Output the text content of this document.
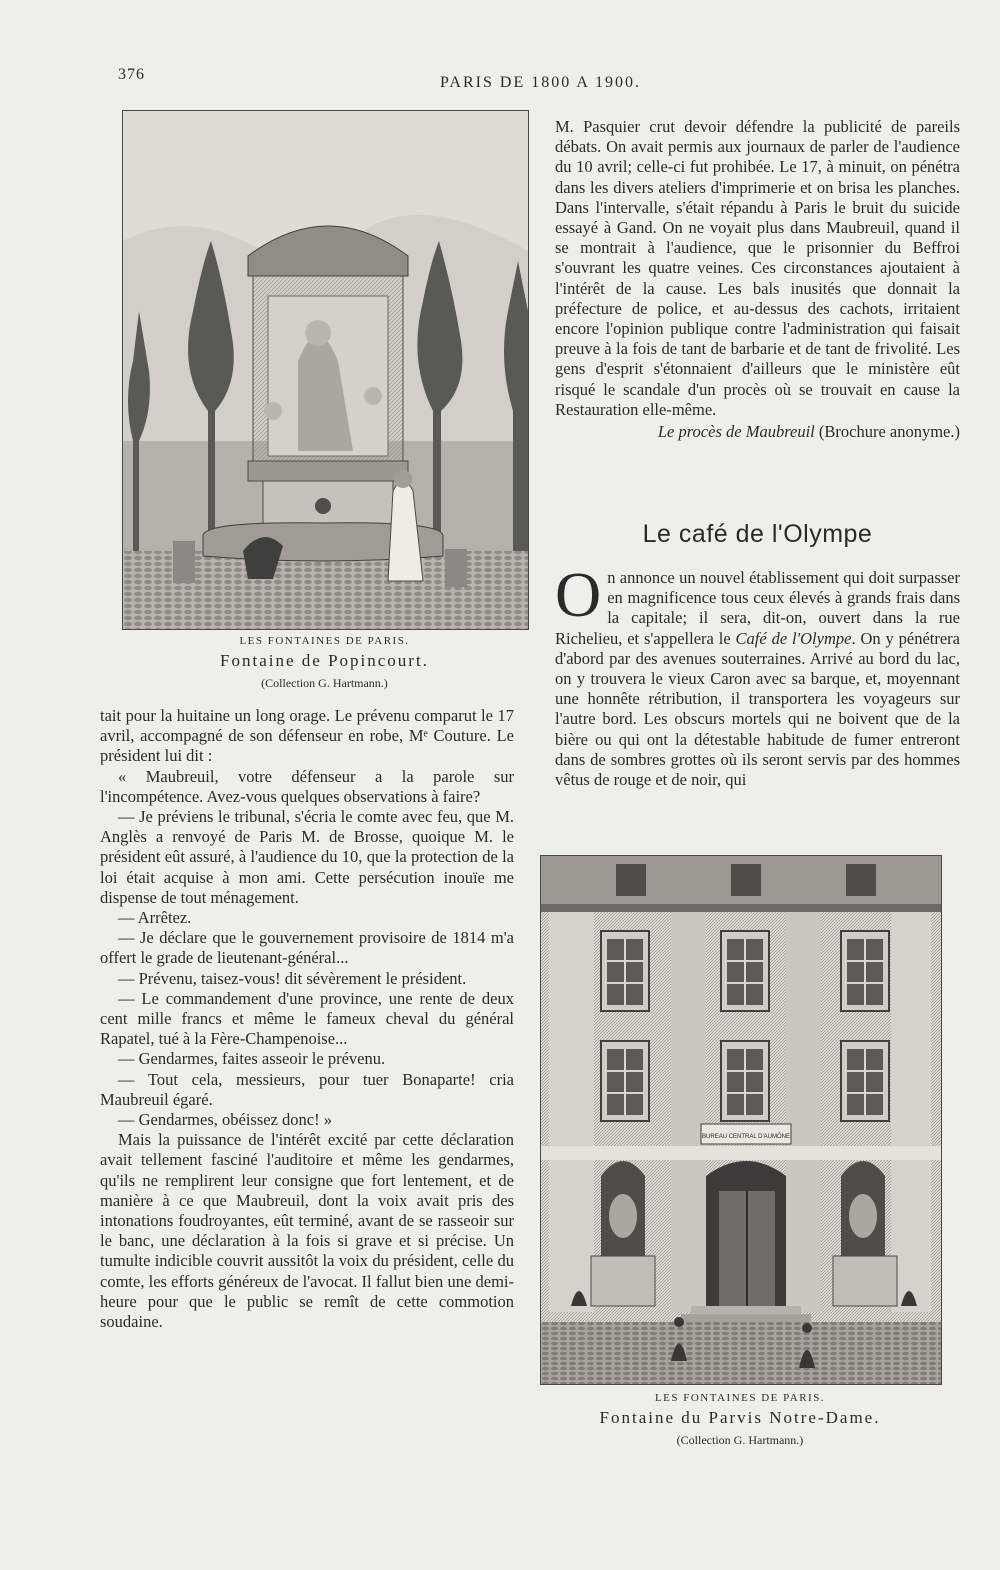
376	PARIS DE 1800 A 1900.
LES FONTAINES DE PARIS.
Fontaine de Popincourt.
(Collection G. Hartmann.)

tait pour la huitaine un long orage. Le prévenu comparut le 17 avril, accompagné de son défenseur en robe, Mᵉ Couture. Le président lui dit :

« Maubreuil, votre défenseur a la parole sur l'incompétence. Avez-vous quelques observations à faire?

— Je préviens le tribunal, s'écria le comte avec feu, que M. Anglès a renvoyé de Paris M. de Brosse, quoique M. le président eût assuré, à l'audience du 10, que la protection de la loi était acquise à mon ami. Cette persécution inouïe me dispense de tout ménagement.

— Arrêtez.

— Je déclare que le gouvernement provisoire de 1814 m'a offert le grade de lieutenant-général...

— Prévenu, taisez-vous! dit sévèrement le président.

— Le commandement d'une province, une rente de deux cent mille francs et même le fameux cheval du général Rapatel, tué à la Fère-Champenoise...

— Gendarmes, faites asseoir le prévenu.

— Tout cela, messieurs, pour tuer Bonaparte! cria Maubreuil égaré.

— Gendarmes, obéissez donc! »

Mais la puissance de l'intérêt excité par cette déclaration avait tellement fasciné l'auditoire et même les gendarmes, qu'ils ne remplirent leur consigne que fort lentement, et de manière à ce que Maubreuil, dont la voix avait pris des intonations foudroyantes, eût terminé, avant de se rasseoir sur le banc, une déclaration à la fois si grave et si précise. Un tumulte indicible couvrit aussitôt la voix du président, celle du comte, les efforts généreux de l'avocat. Il fallut bien une demi-heure pour que le public se remît de cette commotion soudaine.

M. Pasquier crut devoir défendre la publicité de pareils débats. On avait permis aux journaux de parler de l'audience du 10 avril; celle-ci fut prohibée. Le 17, à minuit, on pénétra dans les divers ateliers d'imprimerie et on brisa les planches. Dans l'intervalle, s'était répandu à Paris le bruit du suicide essayé à Gand. On ne voyait plus dans Maubreuil, quand il se montrait à l'audience, que le prisonnier du Beffroi s'ouvrant les quatre veines. Ces circonstances ajoutaient à l'intérêt de la cause. Les bals inusités que donnait la préfecture de police, et au-dessus des cachots, irritaient encore l'opinion publique contre l'administration qui faisait preuve à la fois de tant de barbarie et de tant de frivolité. Les gens d'esprit s'étonnaient d'ailleurs que le ministère eût risqué le scandale d'un procès où se trouvait en cause la Restauration elle-même.

Le procès de Maubreuil (Brochure anonyme.)
Le café de l'Olympe

On annonce un nouvel établissement qui doit surpasser en magnificence tous ceux élevés à grands frais dans la capitale; il sera, dit-on, ouvert dans la rue Richelieu, et s'appellera le Café de l'Olympe. On y pénétrera d'abord par des avenues souterraines. Arrivé au bord du lac, on y trouvera le vieux Caron avec sa barque, et, moyennant une honnête rétribution, il transportera les voyageurs sur l'autre bord. Les obscurs mortels qui ne boivent que de la bière ou qui ont la détestable habitude de fumer entreront dans de sombres grottes où ils seront servis par des hommes vêtus de rouge et de noir, qui

BUREAU CENTRAL D'AUMÔNE
LES FONTAINES DE PARIS.
Fontaine du Parvis Notre-Dame.
(Collection G. Hartmann.)
